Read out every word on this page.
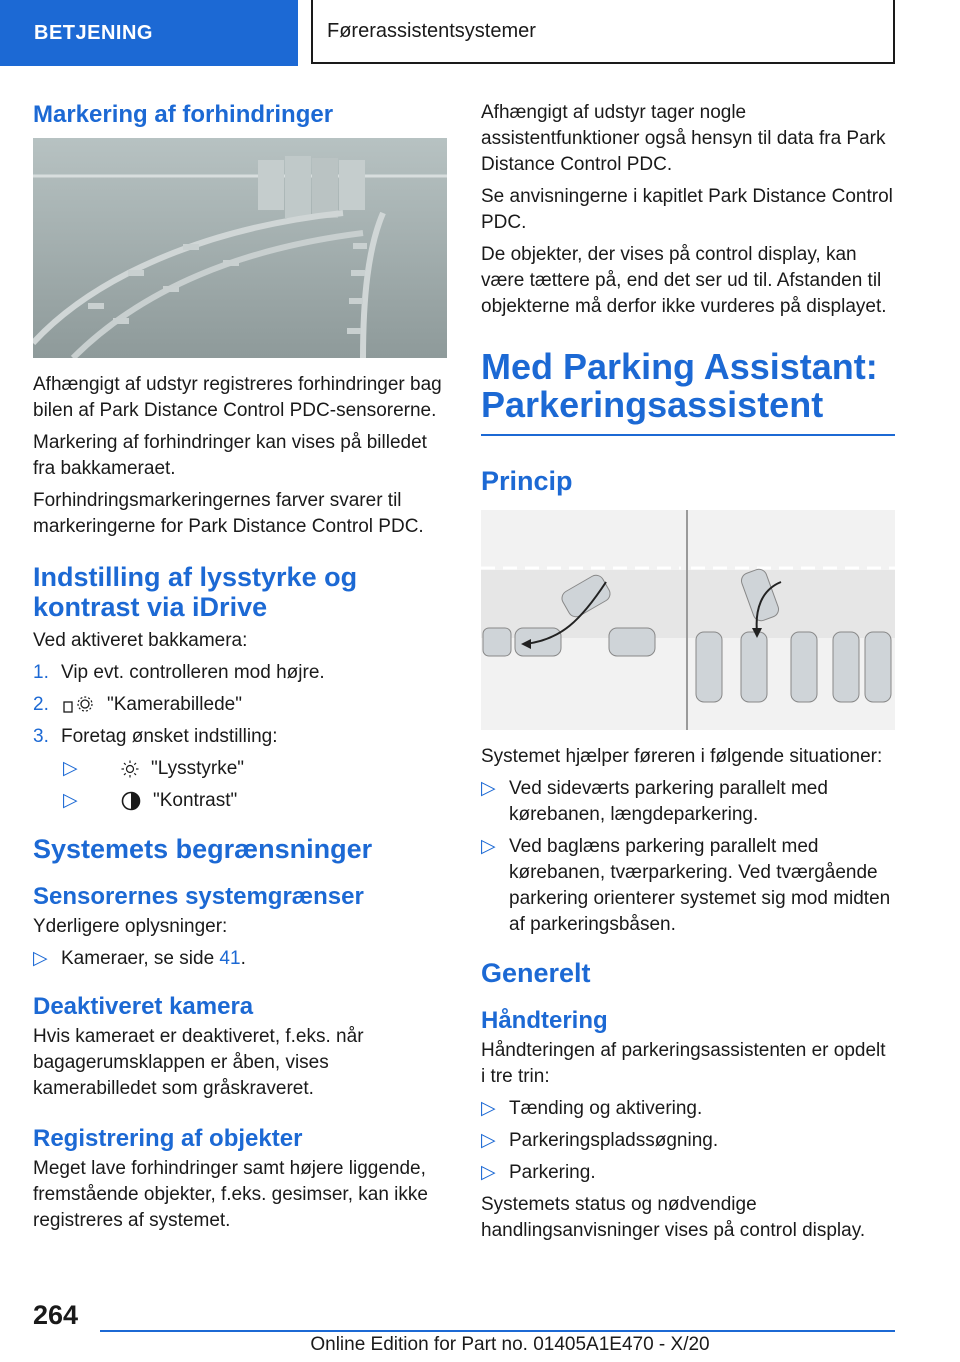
BETJENING	Førerassistentsystemer
Markering af forhindringer

Afhængigt af udstyr registreres forhindringer bag bilen af Park Distance Control PDC-sensorerne.

Markering af forhindringer kan vises på billedet fra bakkameraet.

Forhindringsmarkeringernes farver svarer til markeringerne for Park Distance Control PDC.

Indstilling af lysstyrke og kontrast via iDrive

Ved aktiveret bakkamera:

1. Vip evt. controlleren mod højre.
2.	"Kamerabillede"
3. Foretag ønsket indstilling:
▷	"Lysstyrke"
▷	"Kontrast"
Systemets begrænsninger
Sensorernes systemgrænser

Yderligere oplysninger:

▷ Kameraer, se side 41.
Deaktiveret kamera

Hvis kameraet er deaktiveret, f.eks. når bagagerumsklappen er åben, vises kamerabilledet som gråskraveret.

Registrering af objekter

Meget lave forhindringer samt højere liggende, fremstående objekter, f.eks. gesimser, kan ikke registreres af systemet.

Afhængigt af udstyr tager nogle assistentfunktioner også hensyn til data fra Park Distance Control PDC.

Se anvisningerne i kapitlet Park Distance Control PDC.

De objekter, der vises på control display, kan være tættere på, end det ser ud til. Afstanden til objekterne må derfor ikke vurderes på displayet.

Med Parking Assistant: Parkeringsassistent
Princip

Systemet hjælper føreren i følgende situationer:

▷ Ved sideværts parkering parallelt med kørebanen, længdeparkering.
▷ Ved baglæns parkering parallelt med kørebanen, tværparkering. Ved tværgående parkering orienterer systemet sig mod midten af parkeringsbåsen.
Generelt
Håndtering

Håndteringen af parkeringsassistenten er opdelt i tre trin:

▷ Tænding og aktivering.
▷ Parkeringspladssøgning.
▷ Parkering.

Systemets status og nødvendige handlingsanvisninger vises på control display.

264
Online Edition for Part no. 01405A1E470 - X/20
